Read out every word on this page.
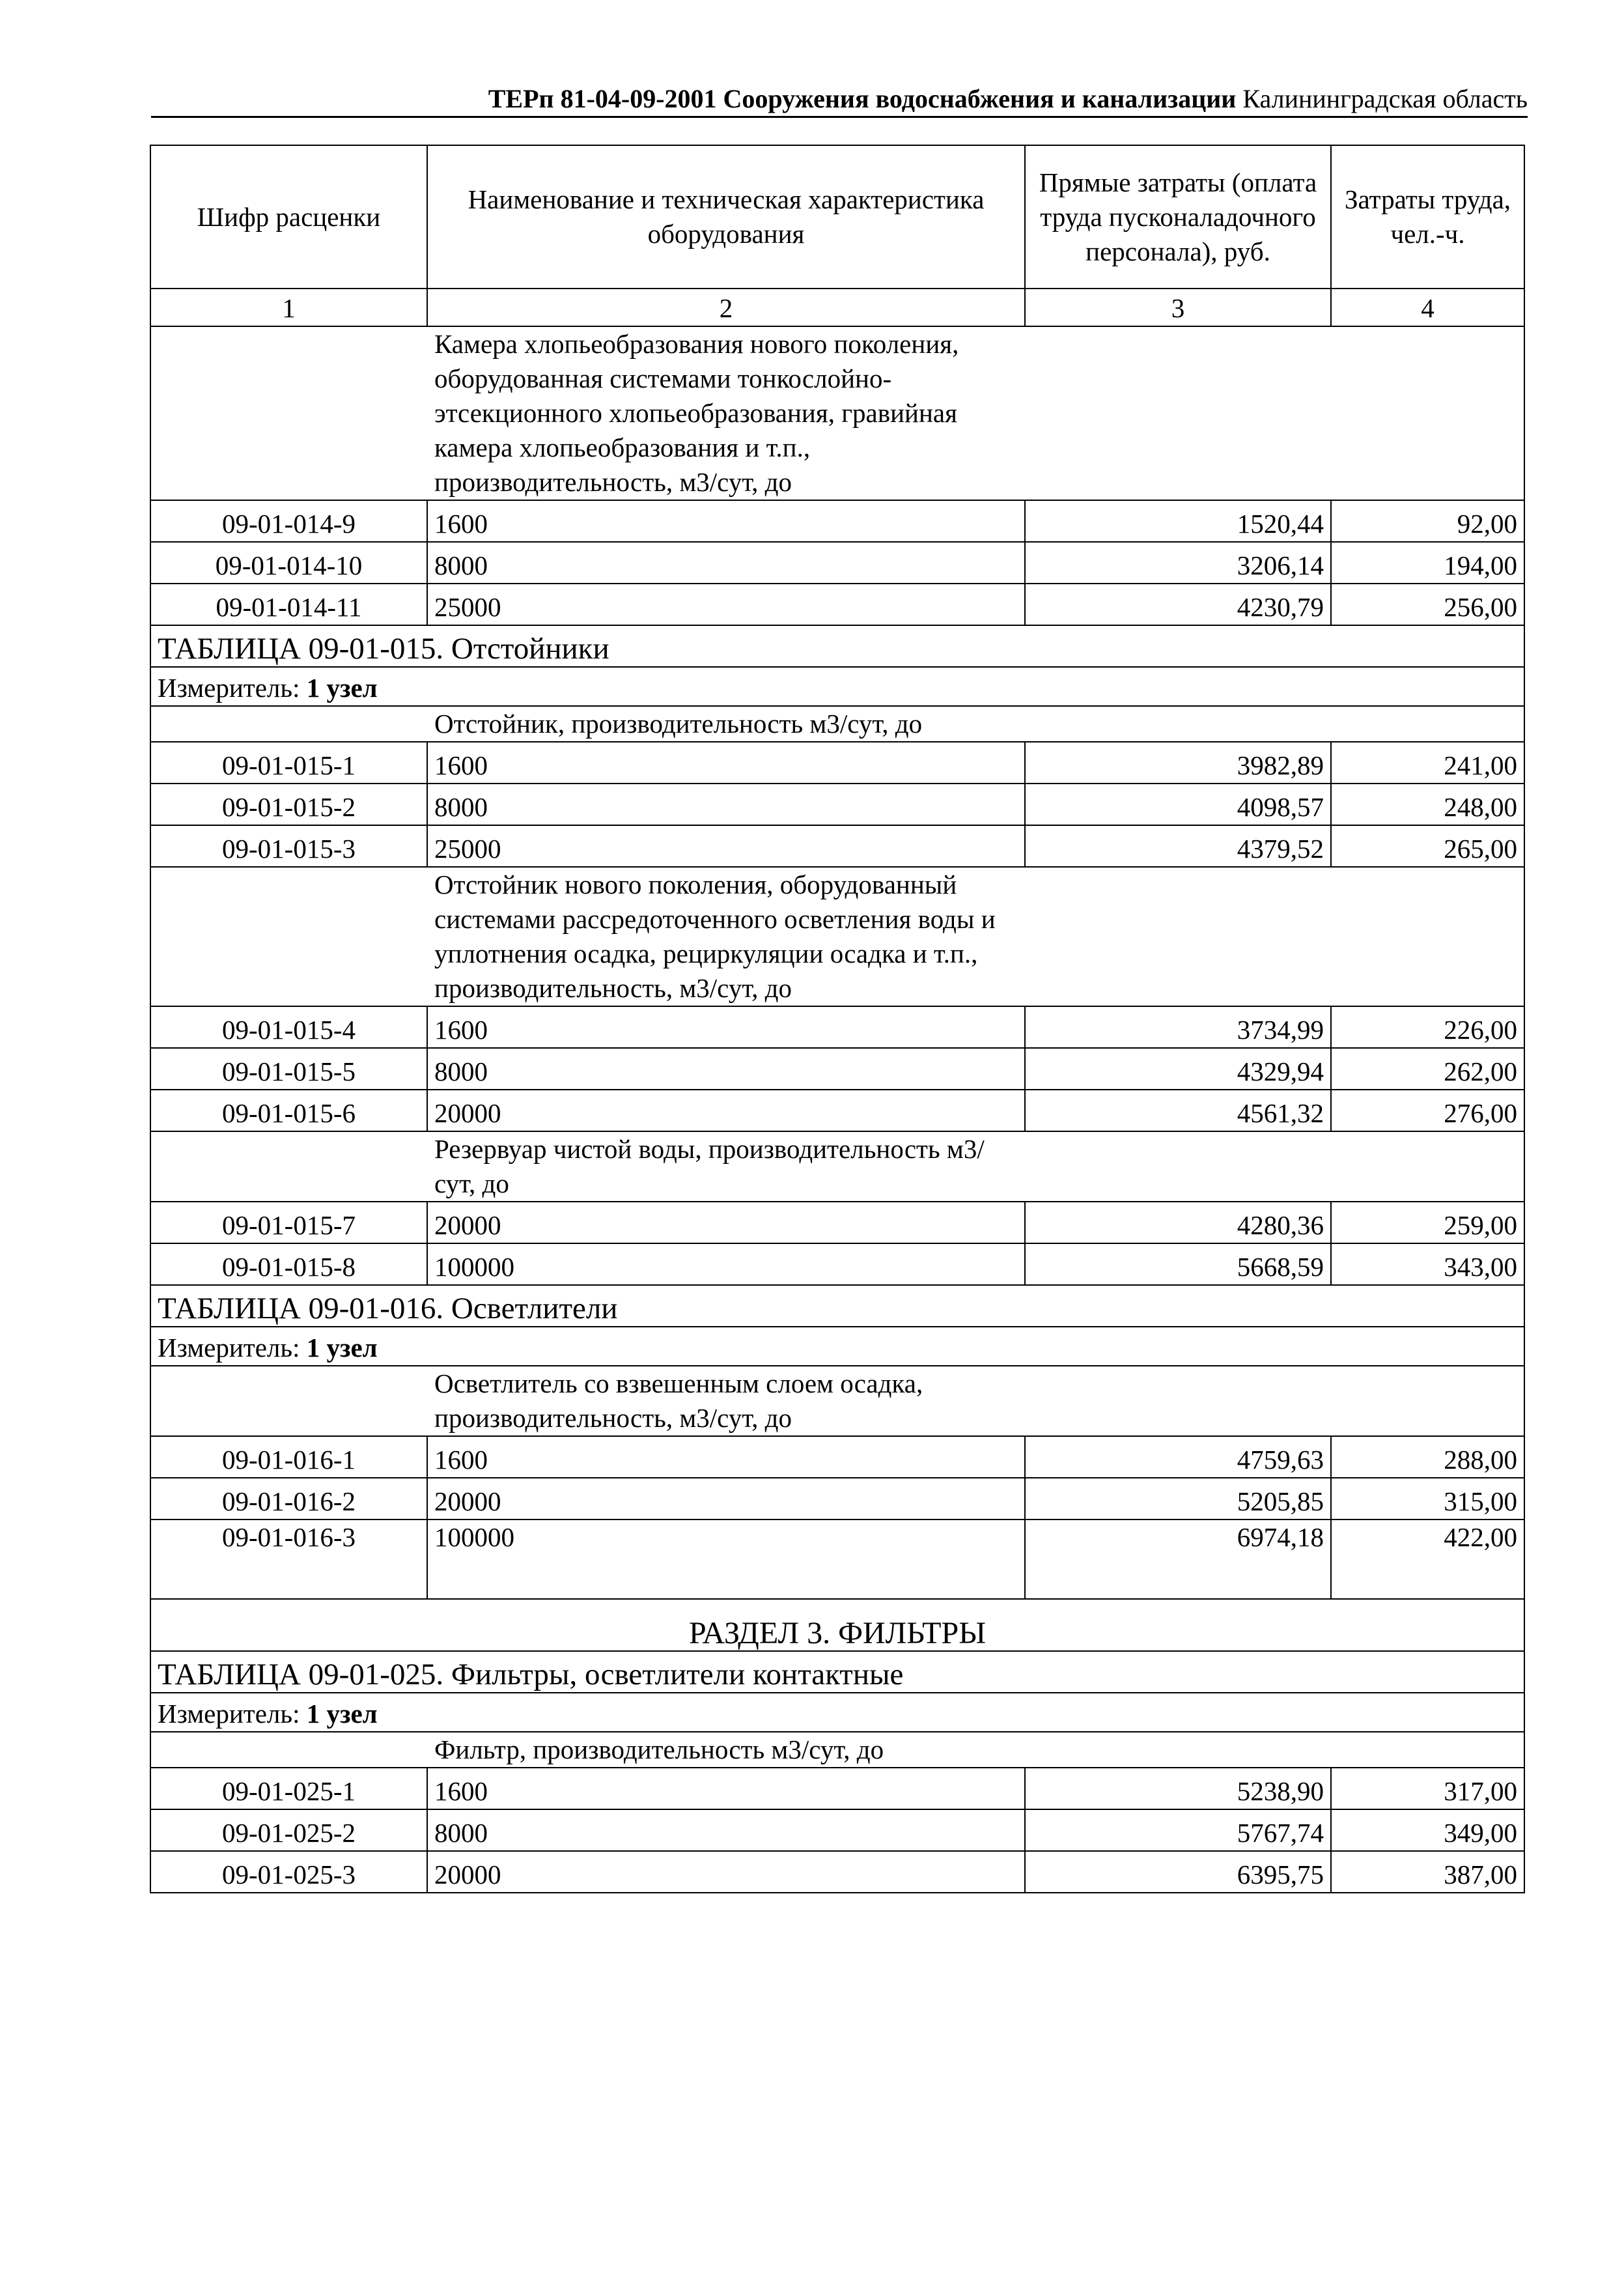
ТЕРп 81-04-09-2001 Сооружения водоснабжения и канализации Калининградская область
Шифр расценки	Наименование и техническая характеристика оборудования	Прямые затраты (оплата труда пусконаладочного персонала), руб.	Затраты труда, чел.-ч.
1	2	3	4

Камера хлопьеобразования нового поколения, оборудованная системами тонкослойно-этсекционного хлопьеобразования, гравийная камера хлопьеобразования и т.п., производительность, м3/сут, до			

09-01-014-9	1600	1520,44	92,00
09-01-014-10	8000	3206,14	194,00
09-01-014-11	25000	4230,79	256,00
ТАБЛИЦА 09-01-015. Отстойники			
Измеритель: 1 узел			

Отстойник, производительность м3/сут, до			

09-01-015-1	1600	3982,89	241,00
09-01-015-2	8000	4098,57	248,00
09-01-015-3	25000	4379,52	265,00

Отстойник нового поколения, оборудованный системами рассредоточенного осветления воды и уплотнения осадка, рециркуляции осадка и т.п., производительность, м3/сут, до			

09-01-015-4	1600	3734,99	226,00
09-01-015-5	8000	4329,94	262,00
09-01-015-6	20000	4561,32	276,00

Резервуар чистой воды, производительность м3/сут, до			

09-01-015-7	20000	4280,36	259,00
09-01-015-8	100000	5668,59	343,00
ТАБЛИЦА 09-01-016. Осветлители			
Измеритель: 1 узел			

Осветлитель со взвешенным слоем осадка, производительность, м3/сут, до			

09-01-016-1	1600	4759,63	288,00
09-01-016-2	20000	5205,85	315,00
09-01-016-3	100000	6974,18	422,00
РАЗДЕЛ 3. ФИЛЬТРЫ			
ТАБЛИЦА 09-01-025. Фильтры, осветлители контактные			
Измеритель: 1 узел			

Фильтр, производительность м3/сут, до			

09-01-025-1	1600	5238,90	317,00
09-01-025-2	8000	5767,74	349,00
09-01-025-3	20000	6395,75	387,00
